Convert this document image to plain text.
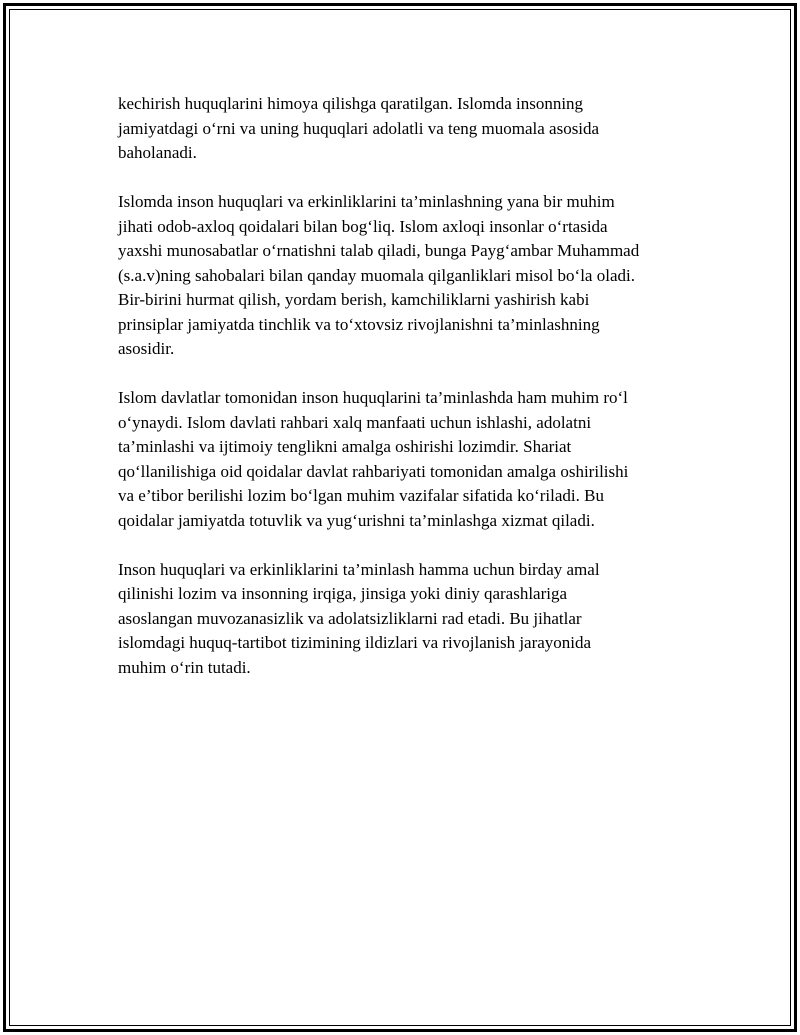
kechirish huquqlarini himoya qilishga qaratilgan. Islomda insonning
jamiyatdagi o‘rni va uning huquqlari adolatli va teng muomala asosida
baholanadi.

Islomda inson huquqlari va erkinliklarini ta’minlashning yana bir muhim
jihati odob-axloq qoidalari bilan bog‘liq. Islom axloqi insonlar o‘rtasida
yaxshi munosabatlar o‘rnatishni talab qiladi, bunga Payg‘ambar Muhammad
(s.a.v)ning sahobalari bilan qanday muomala qilganliklari misol bo‘la oladi.
Bir-birini hurmat qilish, yordam berish, kamchiliklarni yashirish kabi
prinsiplar jamiyatda tinchlik va to‘xtovsiz rivojlanishni ta’minlashning
asosidir.

Islom davlatlar tomonidan inson huquqlarini ta’minlashda ham muhim ro‘l
o‘ynaydi. Islom davlati rahbari xalq manfaati uchun ishlashi, adolatni
ta’minlashi va ijtimoiy tenglikni amalga oshirishi lozimdir. Shariat
qo‘llanilishiga oid qoidalar davlat rahbariyati tomonidan amalga oshirilishi
va e’tibor berilishi lozim bo‘lgan muhim vazifalar sifatida ko‘riladi. Bu
qoidalar jamiyatda totuvlik va yug‘urishni ta’minlashga xizmat qiladi.

Inson huquqlari va erkinliklarini ta’minlash hamma uchun birday amal
qilinishi lozim va insonning irqiga, jinsiga yoki diniy qarashlariga
asoslangan muvozanasizlik va adolatsizliklarni rad etadi. Bu jihatlar
islomdagi huquq-tartibot tizimining ildizlari va rivojlanish jarayonida
muhim o‘rin tutadi.
